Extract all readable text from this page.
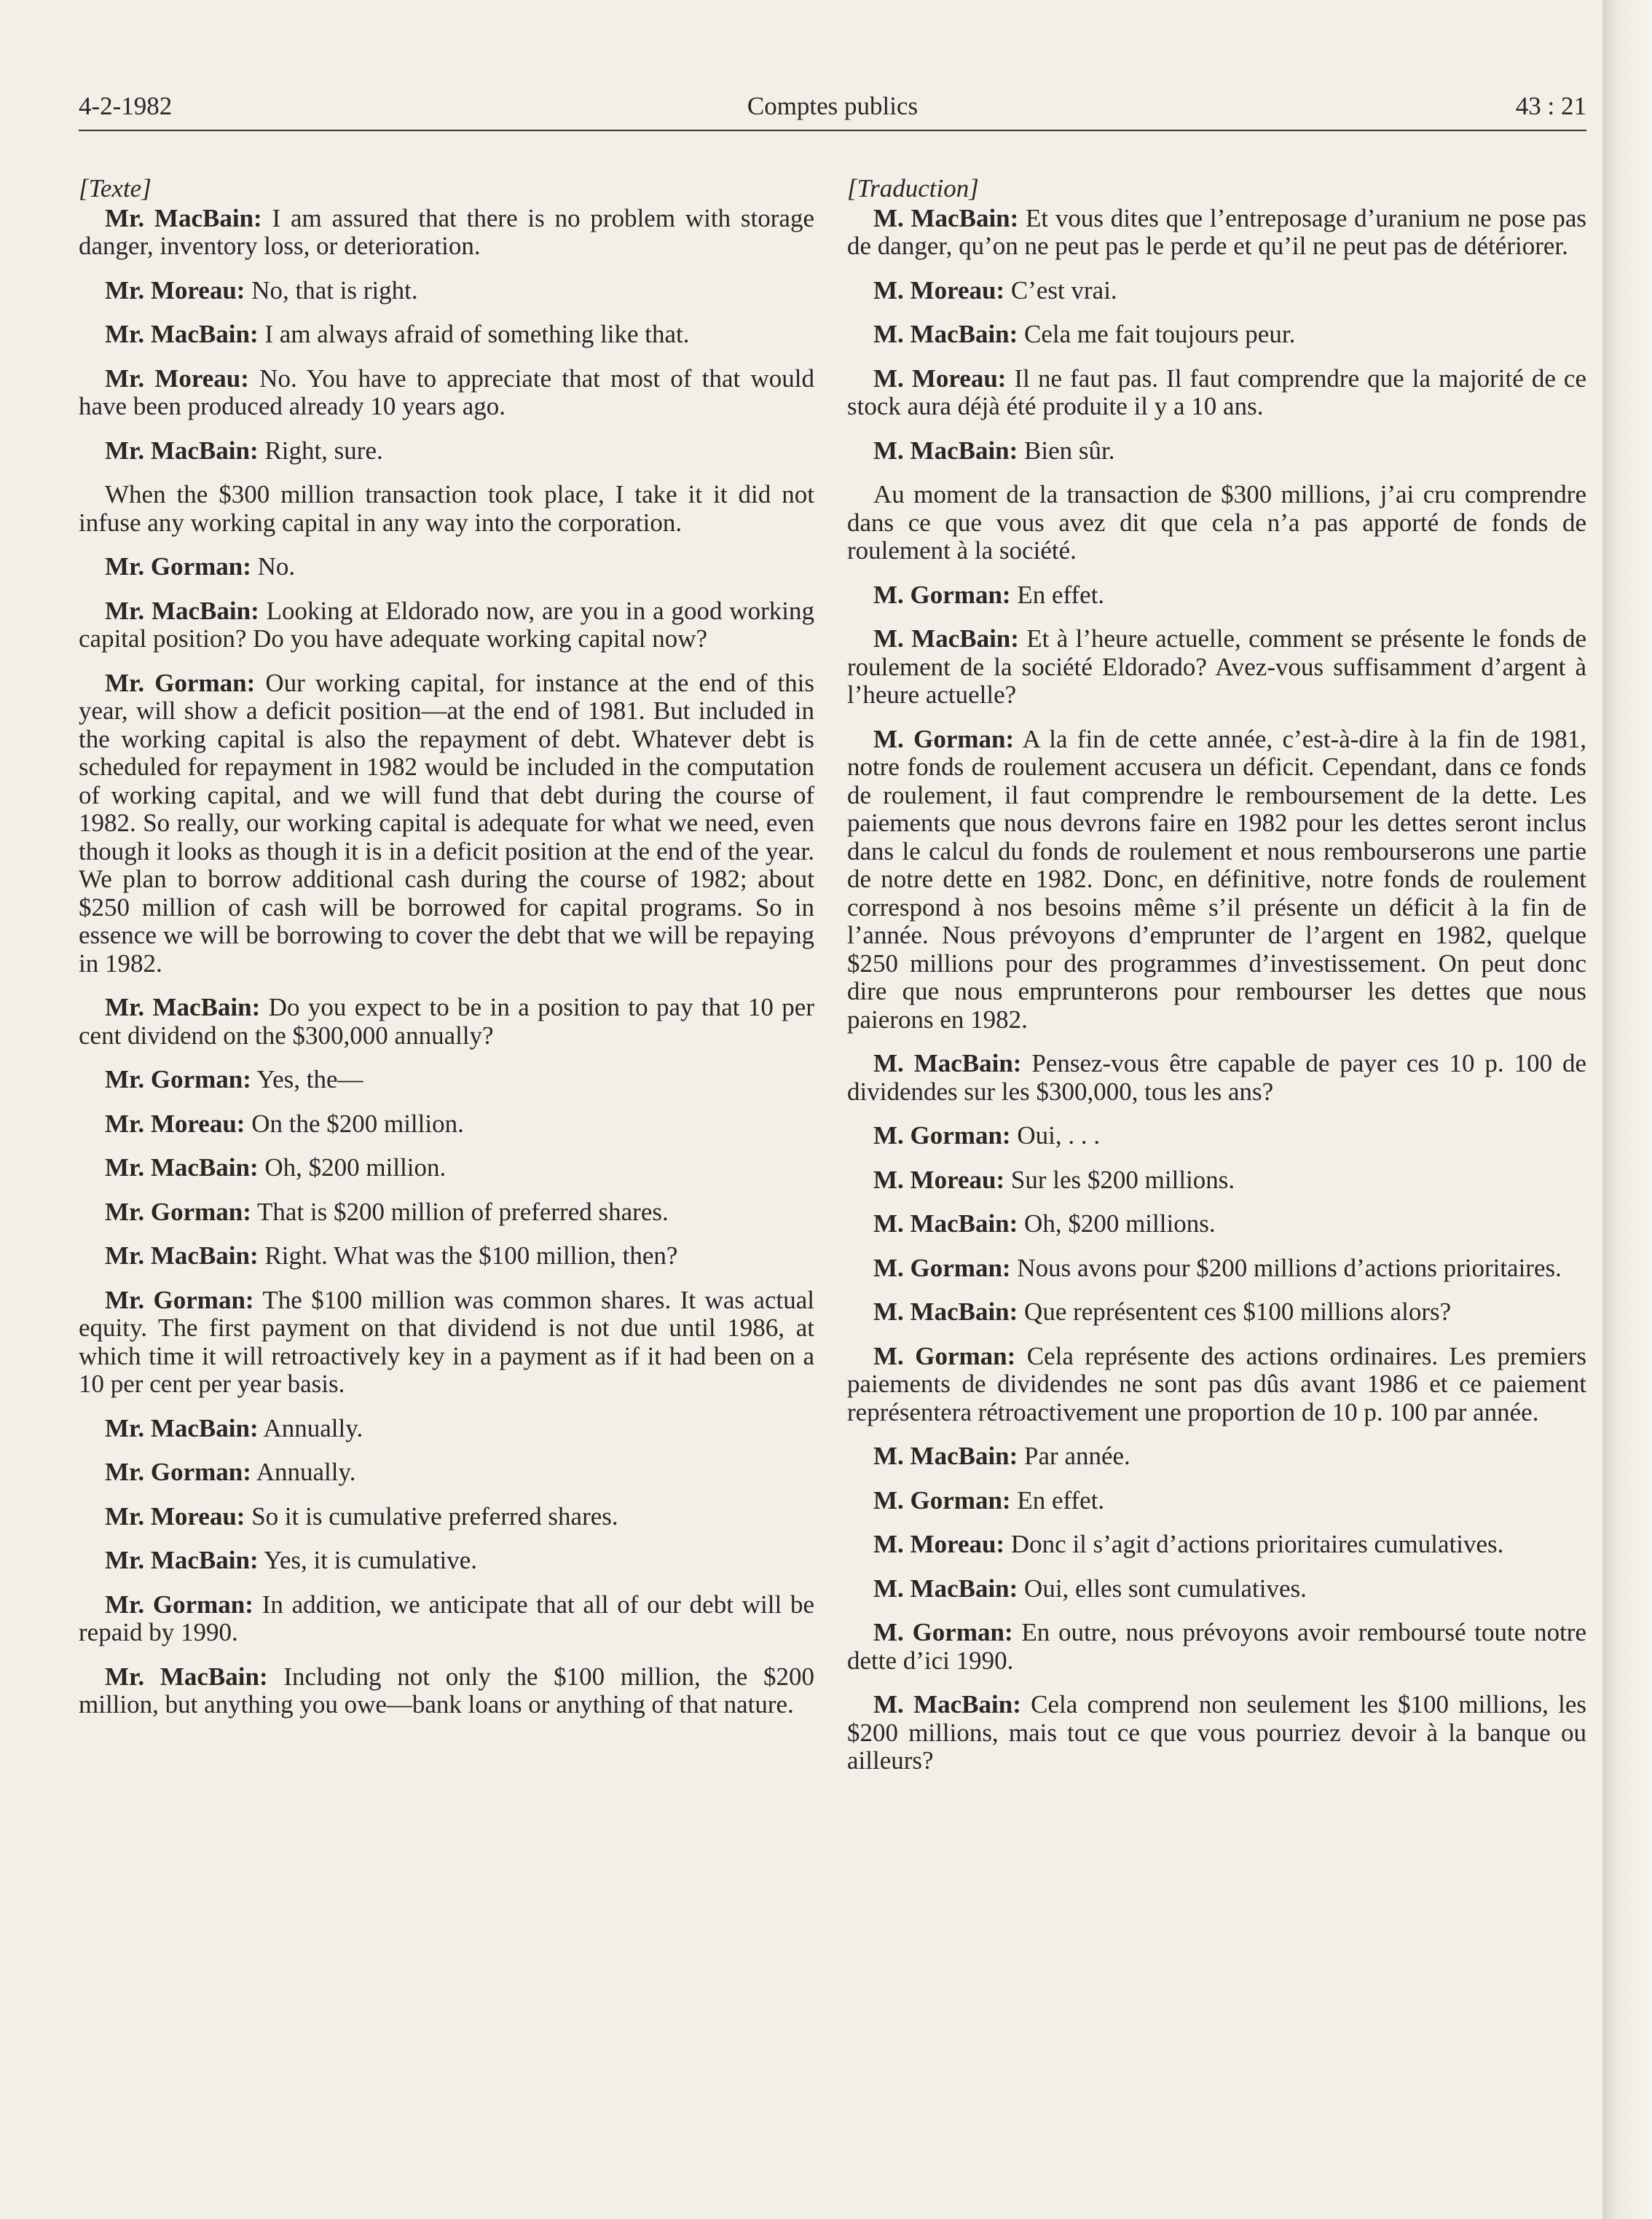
4-2-1982	Comptes publics	43 : 21
[Texte]
Mr. MacBain: I am assured that there is no problem with storage danger, inventory loss, or deterioration.
Mr. Moreau: No, that is right.
Mr. MacBain: I am always afraid of something like that.
Mr. Moreau: No. You have to appreciate that most of that would have been produced already 10 years ago.
Mr. MacBain: Right, sure.
When the $300 million transaction took place, I take it it did not infuse any working capital in any way into the corporation.
Mr. Gorman: No.
Mr. MacBain: Looking at Eldorado now, are you in a good working capital position? Do you have adequate working capital now?
Mr. Gorman: Our working capital, for instance at the end of this year, will show a deficit position—at the end of 1981. But included in the working capital is also the repayment of debt. Whatever debt is scheduled for repayment in 1982 would be included in the computation of working capital, and we will fund that debt during the course of 1982. So really, our working capital is adequate for what we need, even though it looks as though it is in a deficit position at the end of the year. We plan to borrow additional cash during the course of 1982; about $250 million of cash will be borrowed for capital programs. So in essence we will be borrowing to cover the debt that we will be repaying in 1982.
Mr. MacBain: Do you expect to be in a position to pay that 10 per cent dividend on the $300,000 annually?
Mr. Gorman: Yes, the—
Mr. Moreau: On the $200 million.
Mr. MacBain: Oh, $200 million.
Mr. Gorman: That is $200 million of preferred shares.
Mr. MacBain: Right. What was the $100 million, then?
Mr. Gorman: The $100 million was common shares. It was actual equity. The first payment on that dividend is not due until 1986, at which time it will retroactively key in a payment as if it had been on a 10 per cent per year basis.
Mr. MacBain: Annually.
Mr. Gorman: Annually.
Mr. Moreau: So it is cumulative preferred shares.
Mr. MacBain: Yes, it is cumulative.
Mr. Gorman: In addition, we anticipate that all of our debt will be repaid by 1990.
Mr. MacBain: Including not only the $100 million, the $200 million, but anything you owe—bank loans or anything of that nature.
[Traduction]
M. MacBain: Et vous dites que l’entreposage d’uranium ne pose pas de danger, qu’on ne peut pas le perde et qu’il ne peut pas de détériorer.
M. Moreau: C’est vrai.
M. MacBain: Cela me fait toujours peur.
M. Moreau: Il ne faut pas. Il faut comprendre que la majorité de ce stock aura déjà été produite il y a 10 ans.
M. MacBain: Bien sûr.
Au moment de la transaction de $300 millions, j’ai cru comprendre dans ce que vous avez dit que cela n’a pas apporté de fonds de roulement à la société.
M. Gorman: En effet.
M. MacBain: Et à l’heure actuelle, comment se présente le fonds de roulement de la société Eldorado? Avez-vous suffisamment d’argent à l’heure actuelle?
M. Gorman: A la fin de cette année, c’est-à-dire à la fin de 1981, notre fonds de roulement accusera un déficit. Cependant, dans ce fonds de roulement, il faut comprendre le remboursement de la dette. Les paiements que nous devrons faire en 1982 pour les dettes seront inclus dans le calcul du fonds de roulement et nous rembourserons une partie de notre dette en 1982. Donc, en définitive, notre fonds de roulement correspond à nos besoins même s’il présente un déficit à la fin de l’année. Nous prévoyons d’emprunter de l’argent en 1982, quelque $250 millions pour des programmes d’investissement. On peut donc dire que nous emprunterons pour rembourser les dettes que nous paierons en 1982.
M. MacBain: Pensez-vous être capable de payer ces 10 p. 100 de dividendes sur les $300,000, tous les ans?
M. Gorman: Oui, . . .
M. Moreau: Sur les $200 millions.
M. MacBain: Oh, $200 millions.
M. Gorman: Nous avons pour $200 millions d’actions prioritaires.
M. MacBain: Que représentent ces $100 millions alors?
M. Gorman: Cela représente des actions ordinaires. Les premiers paiements de dividendes ne sont pas dûs avant 1986 et ce paiement représentera rétroactivement une proportion de 10 p. 100 par année.
M. MacBain: Par année.
M. Gorman: En effet.
M. Moreau: Donc il s’agit d’actions prioritaires cumulatives.
M. MacBain: Oui, elles sont cumulatives.
M. Gorman: En outre, nous prévoyons avoir remboursé toute notre dette d’ici 1990.
M. MacBain: Cela comprend non seulement les $100 millions, les $200 millions, mais tout ce que vous pourriez devoir à la banque ou ailleurs?
